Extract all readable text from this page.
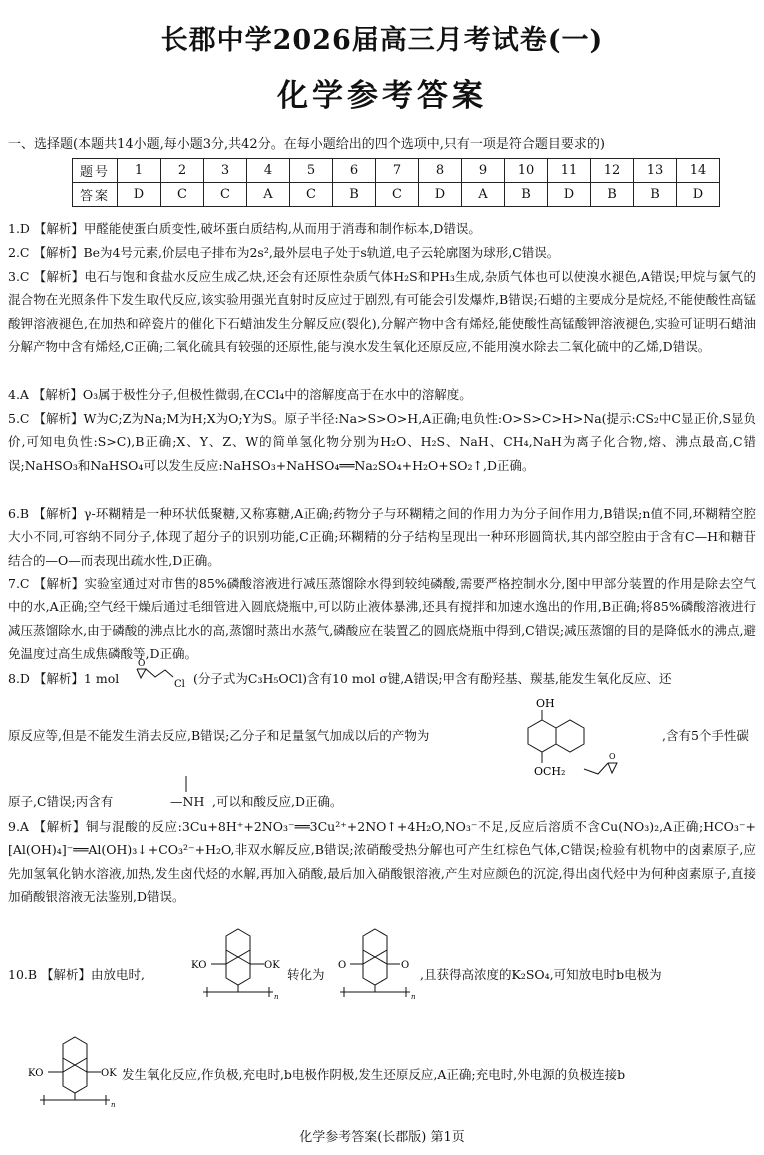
长郡中学2026届高三月考试卷(一)
化学参考答案
一、选择题(本题共14小题,每小题3分,共42分。在每小题给出的四个选项中,只有一项是符合题目要求的)
题号	1	2	3	4	5	6	7	8	9	10	11	12	13	14
答案	D	C	C	A	C	B	C	D	A	B	D	B	B	D
1.D 【解析】甲醛能使蛋白质变性,破坏蛋白质结构,从而用于消毒和制作标本,D错误。
2.C 【解析】Be为4号元素,价层电子排布为2s²,最外层电子处于s轨道,电子云轮廓图为球形,C错误。
3.C 【解析】电石与饱和食盐水反应生成乙炔,还会有还原性杂质气体H₂S和PH₃生成,杂质气体也可以使溴水褪色,A错误;甲烷与氯气的混合物在光照条件下发生取代反应,该实验用强光直射时反应过于剧烈,有可能会引发爆炸,B错误;石蜡的主要成分是烷烃,不能使酸性高锰酸钾溶液褪色,在加热和碎瓷片的催化下石蜡油发生分解反应(裂化),分解产物中含有烯烃,能使酸性高锰酸钾溶液褪色,实验可证明石蜡油分解产物中含有烯烃,C正确;二氧化硫具有较强的还原性,能与溴水发生氧化还原反应,不能用溴水除去二氧化硫中的乙烯,D错误。
4.A 【解析】O₃属于极性分子,但极性微弱,在CCl₄中的溶解度高于在水中的溶解度。
5.C 【解析】W为C;Z为Na;M为H;X为O;Y为S。原子半径:Na>S>O>H,A正确;电负性:O>S>C>H>Na(提示:CS₂中C显正价,S显负价,可知电负性:S>C),B正确;X、Y、Z、W的简单氢化物分别为H₂O、H₂S、NaH、CH₄,NaH为离子化合物,熔、沸点最高,C错误;NaHSO₃和NaHSO₄可以发生反应:NaHSO₃+NaHSO₄══Na₂SO₄+H₂O+SO₂↑,D正确。
6.B 【解析】γ-环糊精是一种环状低聚糖,又称寡糖,A正确;药物分子与环糊精之间的作用力为分子间作用力,B错误;n值不同,环糊精空腔大小不同,可容纳不同分子,体现了超分子的识别功能,C正确;环糊精的分子结构呈现出一种环形圆筒状,其内部空腔由于含有C—H和糖苷结合的—O—而表现出疏水性,D正确。
7.C 【解析】实验室通过对市售的85%磷酸溶液进行减压蒸馏除水得到较纯磷酸,需要严格控制水分,图中甲部分装置的作用是除去空气中的水,A正确;空气经干燥后通过毛细管进入圆底烧瓶中,可以防止液体暴沸,还具有搅拌和加速水逸出的作用,B正确;将85%磷酸溶液进行减压蒸馏除水,由于磷酸的沸点比水的高,蒸馏时蒸出水蒸气,磷酸应在装置乙的圆底烧瓶中得到,C错误;减压蒸馏的目的是降低水的沸点,避免温度过高生成焦磷酸等,D正确。
8.D 【解析】1 mol
O
Cl (分子式为C₃H₅OCl)含有10 mol σ键,A错误;甲含有酚羟基、羰基,能发生氧化反应、还
OH
OCH₂
O
原反应等,但是不能发生消去反应,B错误;乙分子和足量氢气加成以后的产物为	,含有5个手性碳
原子,C错误;丙含有	—NH ,可以和酸反应,D正确。
9.A 【解析】铜与混酸的反应:3Cu+8H⁺+2NO₃⁻══3Cu²⁺+2NO↑+4H₂O,NO₃⁻不足,反应后溶质不含Cu(NO₃)₂,A正确;HCO₃⁻+[Al(OH)₄]⁻══Al(OH)₃↓+CO₃²⁻+H₂O,非双水解反应,B错误;浓硝酸受热分解也可产生红棕色气体,C错误;检验有机物中的卤素原子,应先加氢氧化钠水溶液,加热,发生卤代烃的水解,再加入硝酸,最后加入硝酸银溶液,产生对应颜色的沉淀,得出卤代烃中为何种卤素原子,直接加硝酸银溶液无法鉴别,D错误。
10.B 【解析】由放电时,
KO	OK
n
转化为
O	O
n
,且获得高浓度的K₂SO₄,可知放电时b电极为
KO	OK
n
发生氧化反应,作负极,充电时,b电极作阴极,发生还原反应,A正确;充电时,外电源的负极连接b
化学参考答案(长郡版) 第1页
